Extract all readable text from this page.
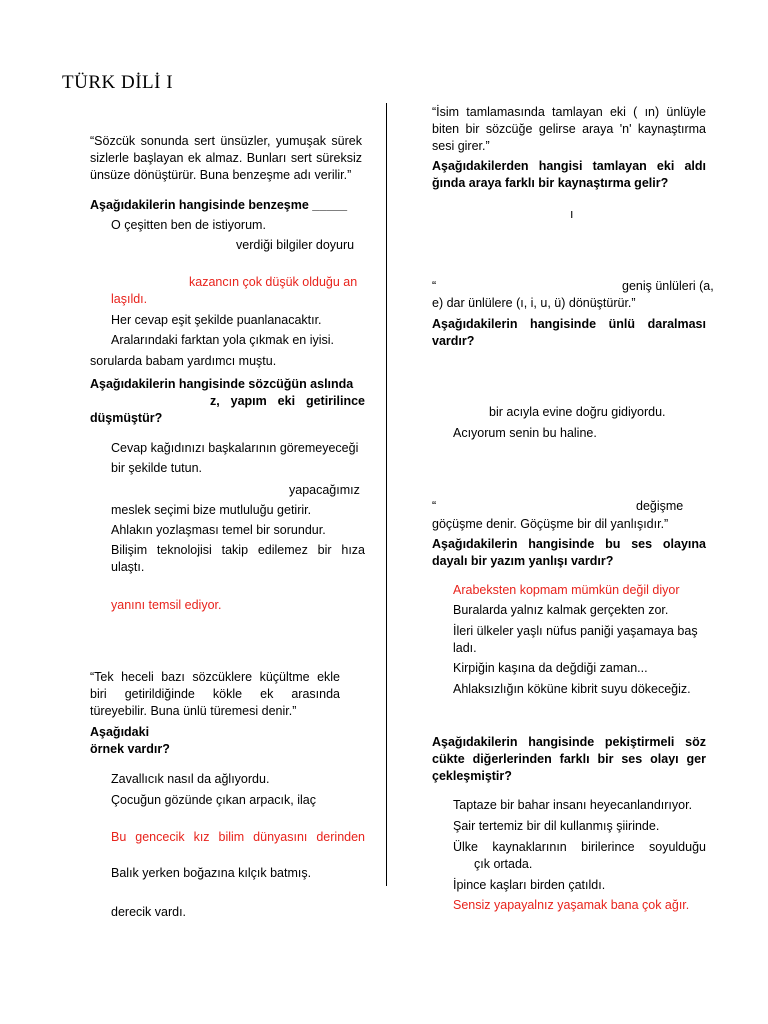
TÜRK DİLİ I
“Sözcük sonunda sert ünsüzler, yumuşak sürek sizlerle başlayan ek almaz. Bunları sert süreksiz ünsüze dönüştürür. Buna benzeşme adı verilir.”
Aşağıdakilerin hangisinde benzeşme _____
O çeşitten ben de istiyorum.
verdiği bilgiler doyuru
kazancın çok düşük olduğu an
laşıldı.
Her cevap eşit şekilde puanlanacaktır.
Aralarındaki farktan yola çıkmak en iyisi.
sorularda babam yardımcı muştu.
Aşağıdakilerin hangisinde sözcüğün aslında
z, yapım eki getirilince
düşmüştür?
Cevap kağıdınızı başkalarının göremeyeceği
bir şekilde tutun.
yapacağımız
meslek seçimi bize mutluluğu getirir.
Ahlakın yozlaşması temel bir sorundur.
Bilişim teknolojisi takip edilemez bir hıza ulaştı.
yanını temsil ediyor.
“Tek heceli bazı sözcüklere küçültme ekle biri getirildiğinde kökle ek arasında türeyebilir. Buna ünlü türemesi denir.”
Aşağıdaki
örnek vardır?
Zavallıcık nasıl da ağlıyordu.
Çocuğun gözünde çıkan arpacık, ilaç
Bu gencecik kız bilim dünyasını derinden
Balık yerken boğazına kılçık batmış.
derecik vardı.
“İsim tamlamasında tamlayan eki ( ın) ünlüyle biten bir sözcüğe gelirse araya 'n' kaynaştırma sesi girer.”
Aşağıdakilerden hangisi tamlayan eki aldı ğında araya farklı bir kaynaştırma gelir?
ı
“	geniş ünlüleri (a,
e) dar ünlülere (ı, i, u, ü) dönüştürür.”
Aşağıdakilerin hangisinde ünlü daralması vardır?
bir acıyla evine doğru gidiyordu.
Acıyorum senin bu haline.
“	değişme
göçüşme denir. Göçüşme bir dil yanlışıdır.”
Aşağıdakilerin hangisinde bu ses olayına dayalı bir yazım yanlışı vardır?
Arabeksten kopmam mümkün değil diyor
Buralarda yalnız kalmak gerçekten zor.
İleri ülkeler yaşlı nüfus paniği yaşamaya baş
ladı.
Kirpiğin kaşına da değdiği zaman...
Ahlaksızlığın köküne kibrit suyu dökeceğiz.
Aşağıdakilerin hangisinde pekiştirmeli söz cükte diğerlerinden farklı bir ses olayı ger çekleşmiştir?
Taptaze bir bahar insanı heyecanlandırıyor.
Şair tertemiz bir dil kullanmış şiirinde.
Ülke kaynaklarının birilerince soyulduğu
çık ortada.
İpince kaşları birden çatıldı.
Sensiz yapayalnız yaşamak bana çok ağır.
